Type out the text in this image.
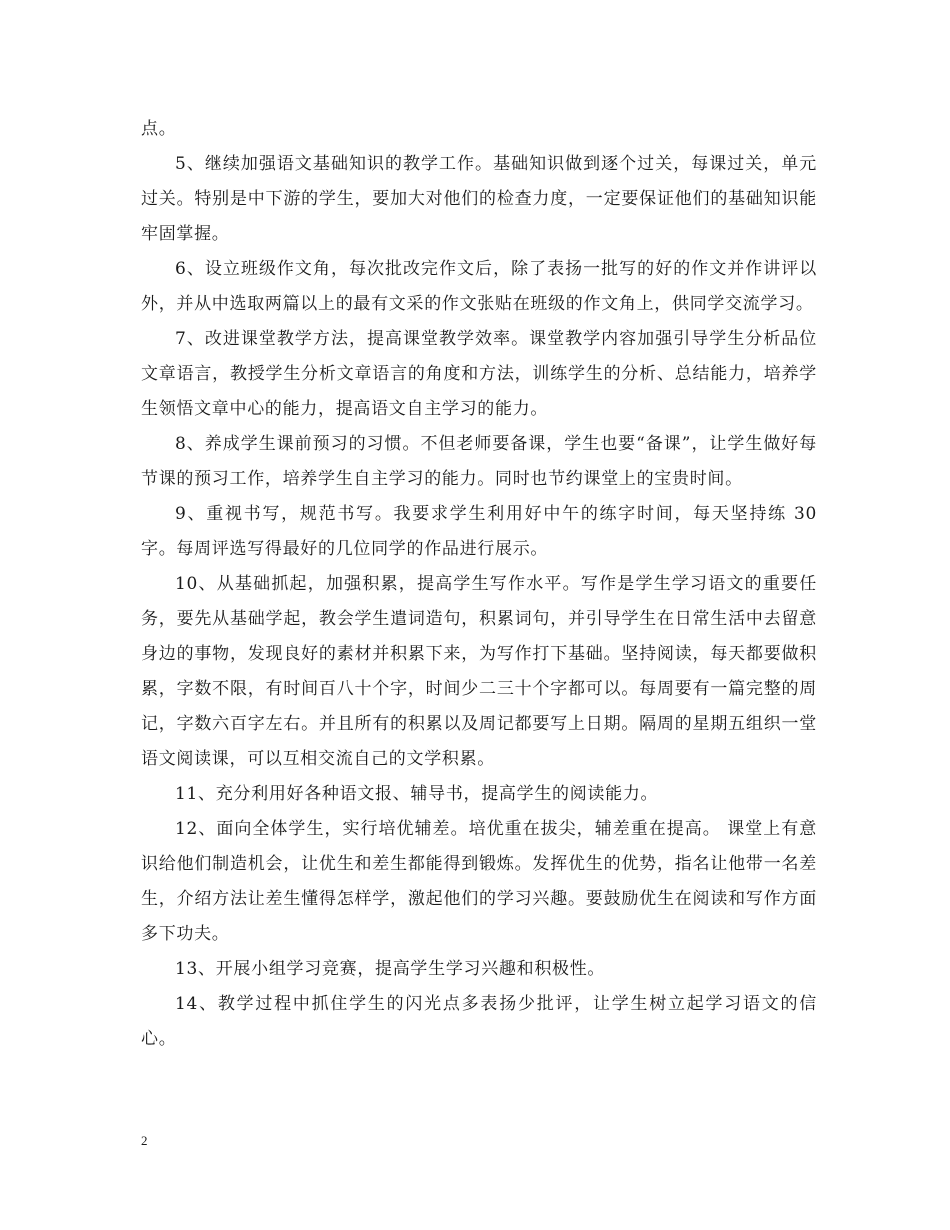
点。

5、继续加强语文基础知识的教学工作。基础知识做到逐个过关，每课过关，单元过关。特别是中下游的学生，要加大对他们的检查力度，一定要保证他们的基础知识能牢固掌握。

6、设立班级作文角，每次批改完作文后，除了表扬一批写的好的作文并作讲评以外，并从中选取两篇以上的最有文采的作文张贴在班级的作文角上，供同学交流学习。

7、改进课堂教学方法，提高课堂教学效率。课堂教学内容加强引导学生分析品位文章语言，教授学生分析文章语言的角度和方法，训练学生的分析、总结能力，培养学生领悟文章中心的能力，提高语文自主学习的能力。

8、养成学生课前预习的习惯。不但老师要备课，学生也要“备课”，让学生做好每节课的预习工作，培养学生自主学习的能力。同时也节约课堂上的宝贵时间。

9、重视书写，规范书写。我要求学生利用好中午的练字时间，每天坚持练 30 字。每周评选写得最好的几位同学的作品进行展示。

10、从基础抓起，加强积累，提高学生写作水平。写作是学生学习语文的重要任务，要先从基础学起，教会学生遣词造句，积累词句，并引导学生在日常生活中去留意身边的事物，发现良好的素材并积累下来，为写作打下基础。坚持阅读，每天都要做积累，字数不限，有时间百八十个字，时间少二三十个字都可以。每周要有一篇完整的周记，字数六百字左右。并且所有的积累以及周记都要写上日期。隔周的星期五组织一堂语文阅读课，可以互相交流自己的文学积累。

11、充分利用好各种语文报、辅导书，提高学生的阅读能力。

12、面向全体学生，实行培优辅差。培优重在拔尖，辅差重在提高。 课堂上有意识给他们制造机会，让优生和差生都能得到锻炼。发挥优生的优势，指名让他带一名差生，介绍方法让差生懂得怎样学，激起他们的学习兴趣。要鼓励优生在阅读和写作方面多下功夫。

13、开展小组学习竞赛，提高学生学习兴趣和积极性。

14、教学过程中抓住学生的闪光点多表扬少批评，让学生树立起学习语文的信心。

2
